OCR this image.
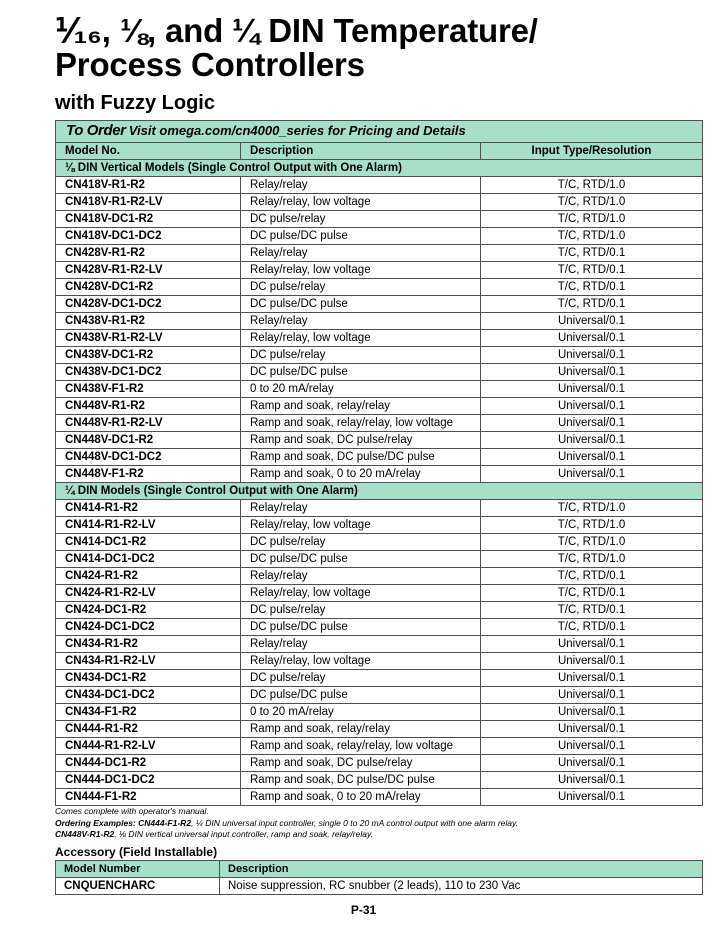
⅟₁₆, ⅛, and ¼ DIN Temperature/
Process Controllers
with Fuzzy Logic
To Order Visit omega.com/cn4000_series for Pricing and Details		
Model No.	Description	Input Type/Resolution
⅛ DIN Vertical Models (Single Control Output with One Alarm)		
CN418V-R1-R2	Relay/relay	T/C, RTD/1.0
CN418V-R1-R2-LV	Relay/relay, low voltage	T/C, RTD/1.0
CN418V-DC1-R2	DC pulse/relay	T/C, RTD/1.0
CN418V-DC1-DC2	DC pulse/DC pulse	T/C, RTD/1.0
CN428V-R1-R2	Relay/relay	T/C, RTD/0.1
CN428V-R1-R2-LV	Relay/relay, low voltage	T/C, RTD/0.1
CN428V-DC1-R2	DC pulse/relay	T/C, RTD/0.1
CN428V-DC1-DC2	DC pulse/DC pulse	T/C, RTD/0.1
CN438V-R1-R2	Relay/relay	Universal/0.1
CN438V-R1-R2-LV	Relay/relay, low voltage	Universal/0.1
CN438V-DC1-R2	DC pulse/relay	Universal/0.1
CN438V-DC1-DC2	DC pulse/DC pulse	Universal/0.1
CN438V-F1-R2	0 to 20 mA/relay	Universal/0.1
CN448V-R1-R2	Ramp and soak, relay/relay	Universal/0.1
CN448V-R1-R2-LV	Ramp and soak, relay/relay, low voltage	Universal/0.1
CN448V-DC1-R2	Ramp and soak, DC pulse/relay	Universal/0.1
CN448V-DC1-DC2	Ramp and soak, DC pulse/DC pulse	Universal/0.1
CN448V-F1-R2	Ramp and soak, 0 to 20 mA/relay	Universal/0.1
¼ DIN Models (Single Control Output with One Alarm)		
CN414-R1-R2	Relay/relay	T/C, RTD/1.0
CN414-R1-R2-LV	Relay/relay, low voltage	T/C, RTD/1.0
CN414-DC1-R2	DC pulse/relay	T/C, RTD/1.0
CN414-DC1-DC2	DC pulse/DC pulse	T/C, RTD/1.0
CN424-R1-R2	Relay/relay	T/C, RTD/0.1
CN424-R1-R2-LV	Relay/relay, low voltage	T/C, RTD/0.1
CN424-DC1-R2	DC pulse/relay	T/C, RTD/0.1
CN424-DC1-DC2	DC pulse/DC pulse	T/C, RTD/0.1
CN434-R1-R2	Relay/relay	Universal/0.1
CN434-R1-R2-LV	Relay/relay, low voltage	Universal/0.1
CN434-DC1-R2	DC pulse/relay	Universal/0.1
CN434-DC1-DC2	DC pulse/DC pulse	Universal/0.1
CN434-F1-R2	0 to 20 mA/relay	Universal/0.1
CN444-R1-R2	Ramp and soak, relay/relay	Universal/0.1
CN444-R1-R2-LV	Ramp and soak, relay/relay, low voltage	Universal/0.1
CN444-DC1-R2	Ramp and soak, DC pulse/relay	Universal/0.1
CN444-DC1-DC2	Ramp and soak, DC pulse/DC pulse	Universal/0.1
CN444-F1-R2	Ramp and soak, 0 to 20 mA/relay	Universal/0.1
Comes complete with operator's manual.
Ordering Examples: CN444-F1-R2, ¼ DIN universal input controller, single 0 to 20 mA control output with one alarm relay.
CN448V-R1-R2, ⅛ DIN vertical universal input controller, ramp and soak, relay/relay.
Accessory (Field Installable)
Model Number	Description
CNQUENCHARC	Noise suppression, RC snubber (2 leads), 110 to 230 Vac
P-31
